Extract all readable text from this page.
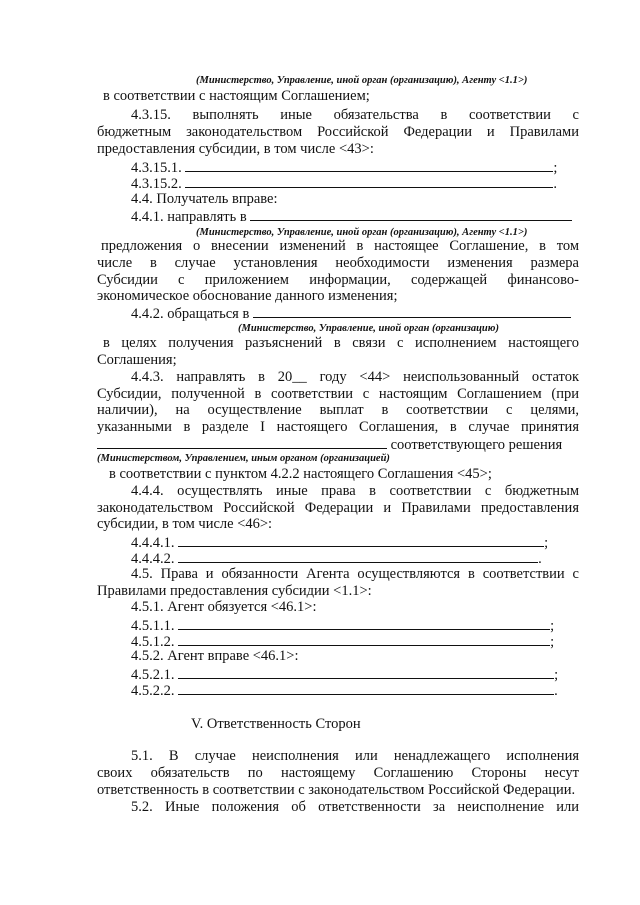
(Министерство, Управление, иной орган (организацию), Агенту <1.1>)
в соответствии с настоящим Соглашением;
4.3.15. выполнять иные обязательства в соответствии с
бюджетным законодательством Российской Федерации и Правилами
предоставления субсидии, в том числе <43>:
4.3.15.1.	;
4.3.15.2.	.
4.4. Получатель вправе:
4.4.1. направлять в
(Министерство, Управление, иной орган (организацию), Агенту <1.1>)
предложения о внесении изменений в настоящее Соглашение, в том
числе в случае установления необходимости изменения размера
Субсидии с приложением информации, содержащей финансово-
экономическое обоснование данного изменения;
4.4.2. обращаться в
(Министерство, Управление, иной орган (организацию)
в целях получения разъяснений в связи с исполнением настоящего
Соглашения;
4.4.3. направлять в 20__ году <44> неиспользованный остаток
Субсидии, полученной в соответствии с настоящим Соглашением (при
наличии), на осуществление выплат в соответствии с целями,
указанными в разделе I настоящего Соглашения, в случае принятия
соответствующего решения
(Министерством, Управлением, иным органом (организацией)
в соответствии с пунктом 4.2.2 настоящего Соглашения <45>;
4.4.4. осуществлять иные права в соответствии с бюджетным
законодательством Российской Федерации и Правилами предоставления
субсидии, в том числе <46>:
4.4.4.1.	;
4.4.4.2.	.
4.5. Права и обязанности Агента осуществляются в соответствии с
Правилами предоставления субсидии <1.1>:
4.5.1. Агент обязуется <46.1>:
4.5.1.1.	;
4.5.1.2.	;
4.5.2. Агент вправе <46.1>:
4.5.2.1.	;
4.5.2.2.	.
V. Ответственность Сторон
5.1. В случае неисполнения или ненадлежащего исполнения
своих обязательств по настоящему Соглашению Стороны несут
ответственность в соответствии с законодательством Российской Федерации.
5.2. Иные положения об ответственности за неисполнение или
